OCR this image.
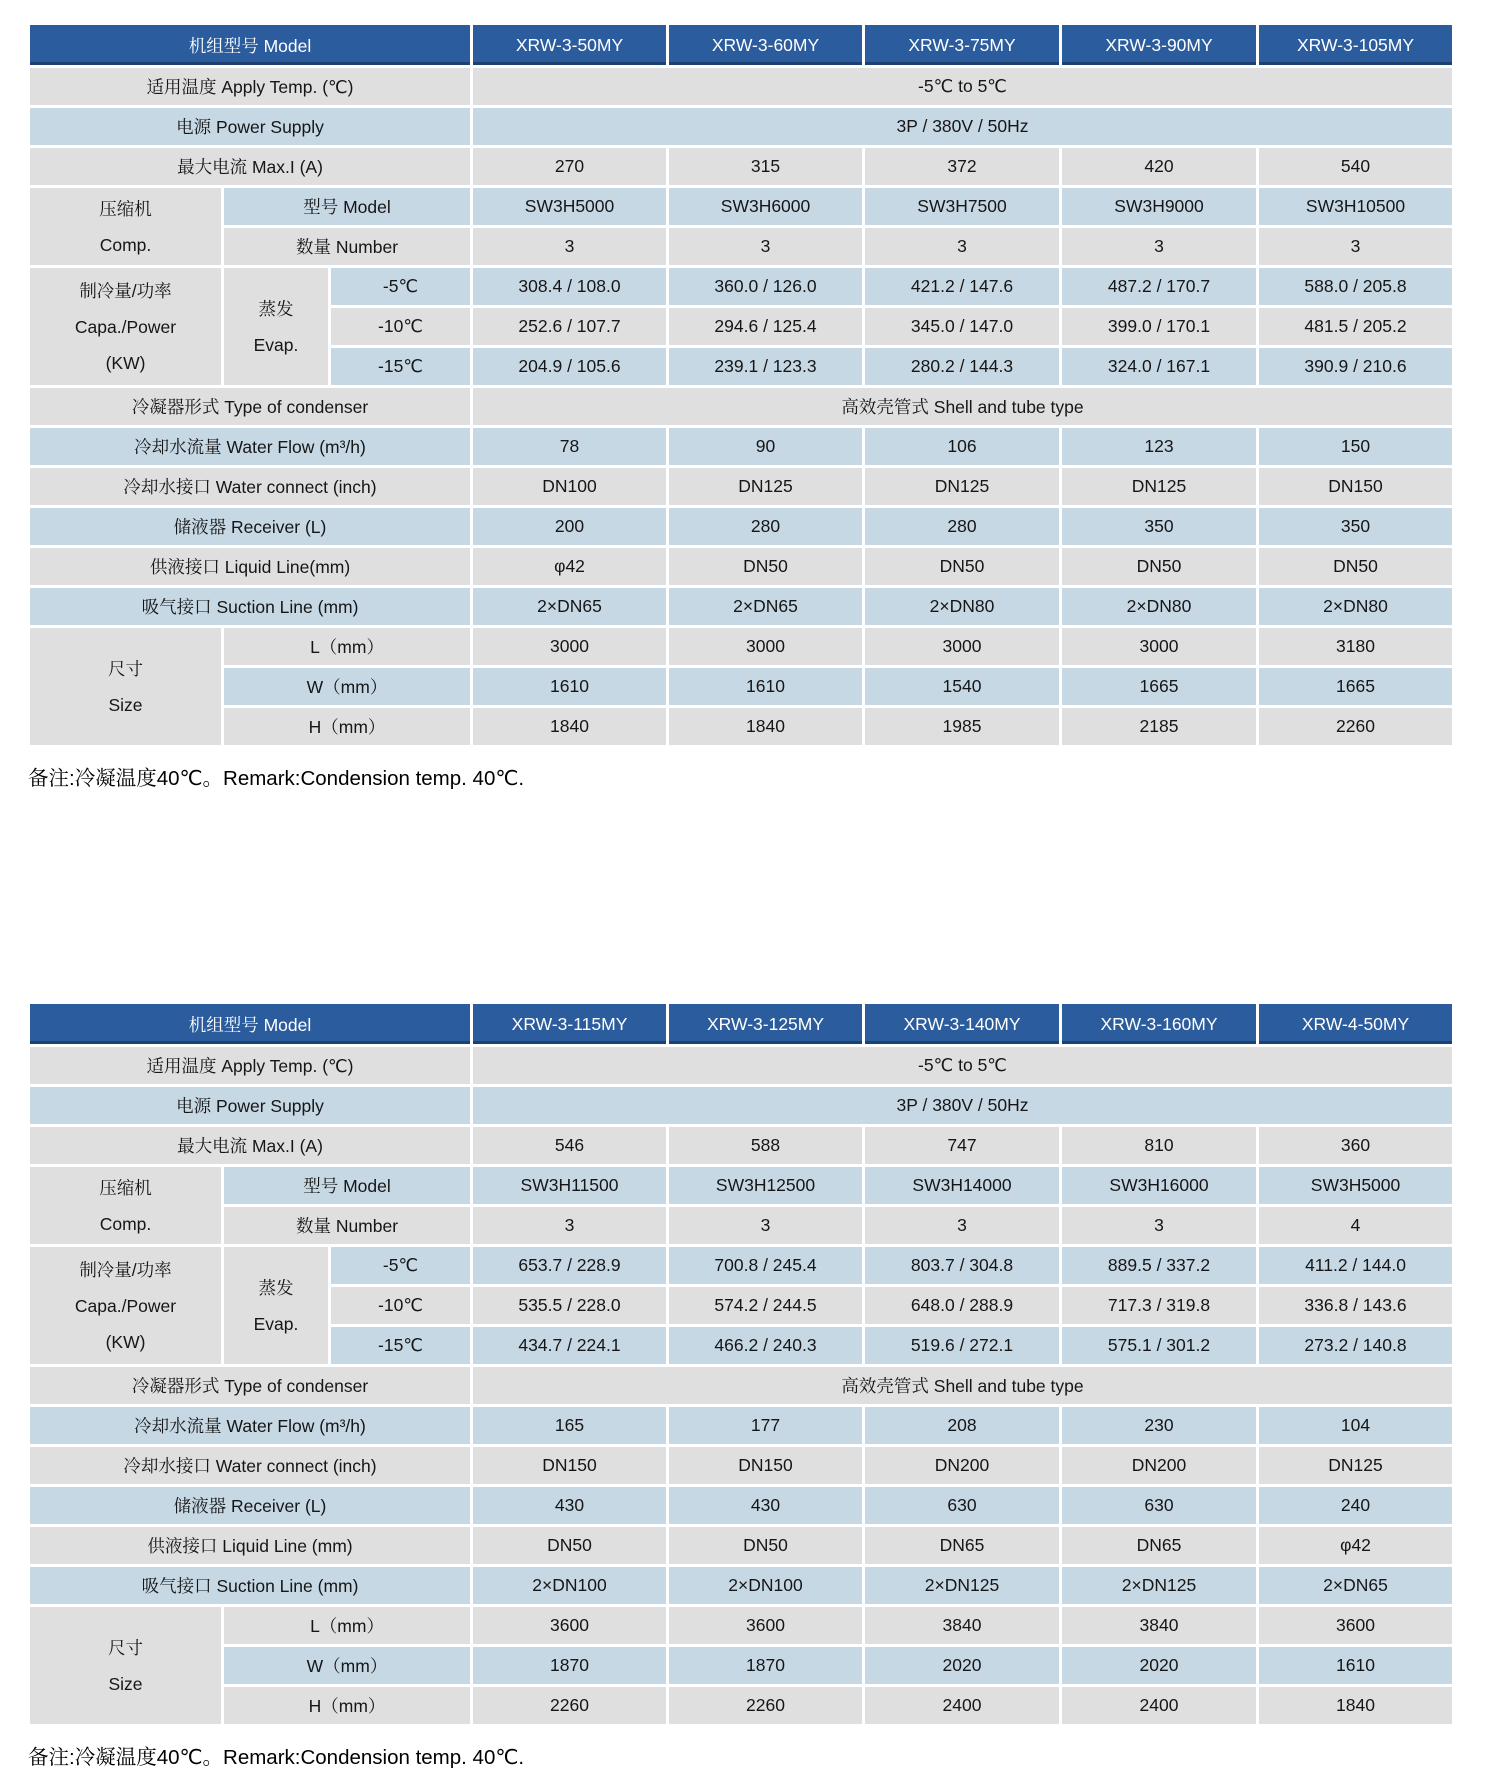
机组型号 Model			XRW-3-50MY	XRW-3-60MY	XRW-3-75MY	XRW-3-90MY	XRW-3-105MY
适用温度 Apply Temp. (℃)			-5℃ to 5℃				
电源 Power Supply			3P / 380V / 50Hz				
最大电流 Max.I (A)			270	315	372	420	540
压缩机
Comp.	型号 Model		SW3H5000	SW3H6000	SW3H7500	SW3H9000	SW3H10500
	数量 Number		3	3	3	3	3
制冷量/功率
Capa./Power
(KW)	蒸发
Evap.	-5℃	308.4 / 108.0	360.0 / 126.0	421.2 / 147.6	487.2 / 170.7	588.0 / 205.8
		-10℃	252.6 / 107.7	294.6 / 125.4	345.0 / 147.0	399.0 / 170.1	481.5 / 205.2
		-15℃	204.9 / 105.6	239.1 / 123.3	280.2 / 144.3	324.0 / 167.1	390.9 / 210.6
冷凝器形式 Type of condenser			高效壳管式 Shell and tube type				
冷却水流量 Water Flow (m³/h)			78	90	106	123	150
冷却水接口 Water connect (inch)			DN100	DN125	DN125	DN125	DN150
储液器 Receiver (L)			200	280	280	350	350
供液接口 Liquid Line(mm)			φ42	DN50	DN50	DN50	DN50
吸气接口 Suction Line (mm)			2×DN65	2×DN65	2×DN80	2×DN80	2×DN80
尺寸
Size	L（mm）		3000	3000	3000	3000	3180
	W（mm）		1610	1610	1540	1665	1665
	H（mm）		1840	1840	1985	2185	2260

备注:冷凝温度40℃。Remark:Condension temp. 40℃.

机组型号 Model			XRW-3-115MY	XRW-3-125MY	XRW-3-140MY	XRW-3-160MY	XRW-4-50MY
适用温度 Apply Temp. (℃)			-5℃ to 5℃				
电源 Power Supply			3P / 380V / 50Hz				
最大电流 Max.I (A)			546	588	747	810	360
压缩机
Comp.	型号 Model		SW3H11500	SW3H12500	SW3H14000	SW3H16000	SW3H5000
	数量 Number		3	3	3	3	4
制冷量/功率
Capa./Power
(KW)	蒸发
Evap.	-5℃	653.7 / 228.9	700.8 / 245.4	803.7 / 304.8	889.5 / 337.2	411.2 / 144.0
		-10℃	535.5 / 228.0	574.2 / 244.5	648.0 / 288.9	717.3 / 319.8	336.8 / 143.6
		-15℃	434.7 / 224.1	466.2 / 240.3	519.6 / 272.1	575.1 / 301.2	273.2 / 140.8
冷凝器形式 Type of condenser			高效壳管式 Shell and tube type				
冷却水流量 Water Flow (m³/h)			165	177	208	230	104
冷却水接口 Water connect (inch)			DN150	DN150	DN200	DN200	DN125
储液器 Receiver (L)			430	430	630	630	240
供液接口 Liquid Line (mm)			DN50	DN50	DN65	DN65	φ42
吸气接口 Suction Line (mm)			2×DN100	2×DN100	2×DN125	2×DN125	2×DN65
尺寸
Size	L（mm）		3600	3600	3840	3840	3600
	W（mm）		1870	1870	2020	2020	1610
	H（mm）		2260	2260	2400	2400	1840

备注:冷凝温度40℃。Remark:Condension temp. 40℃.
